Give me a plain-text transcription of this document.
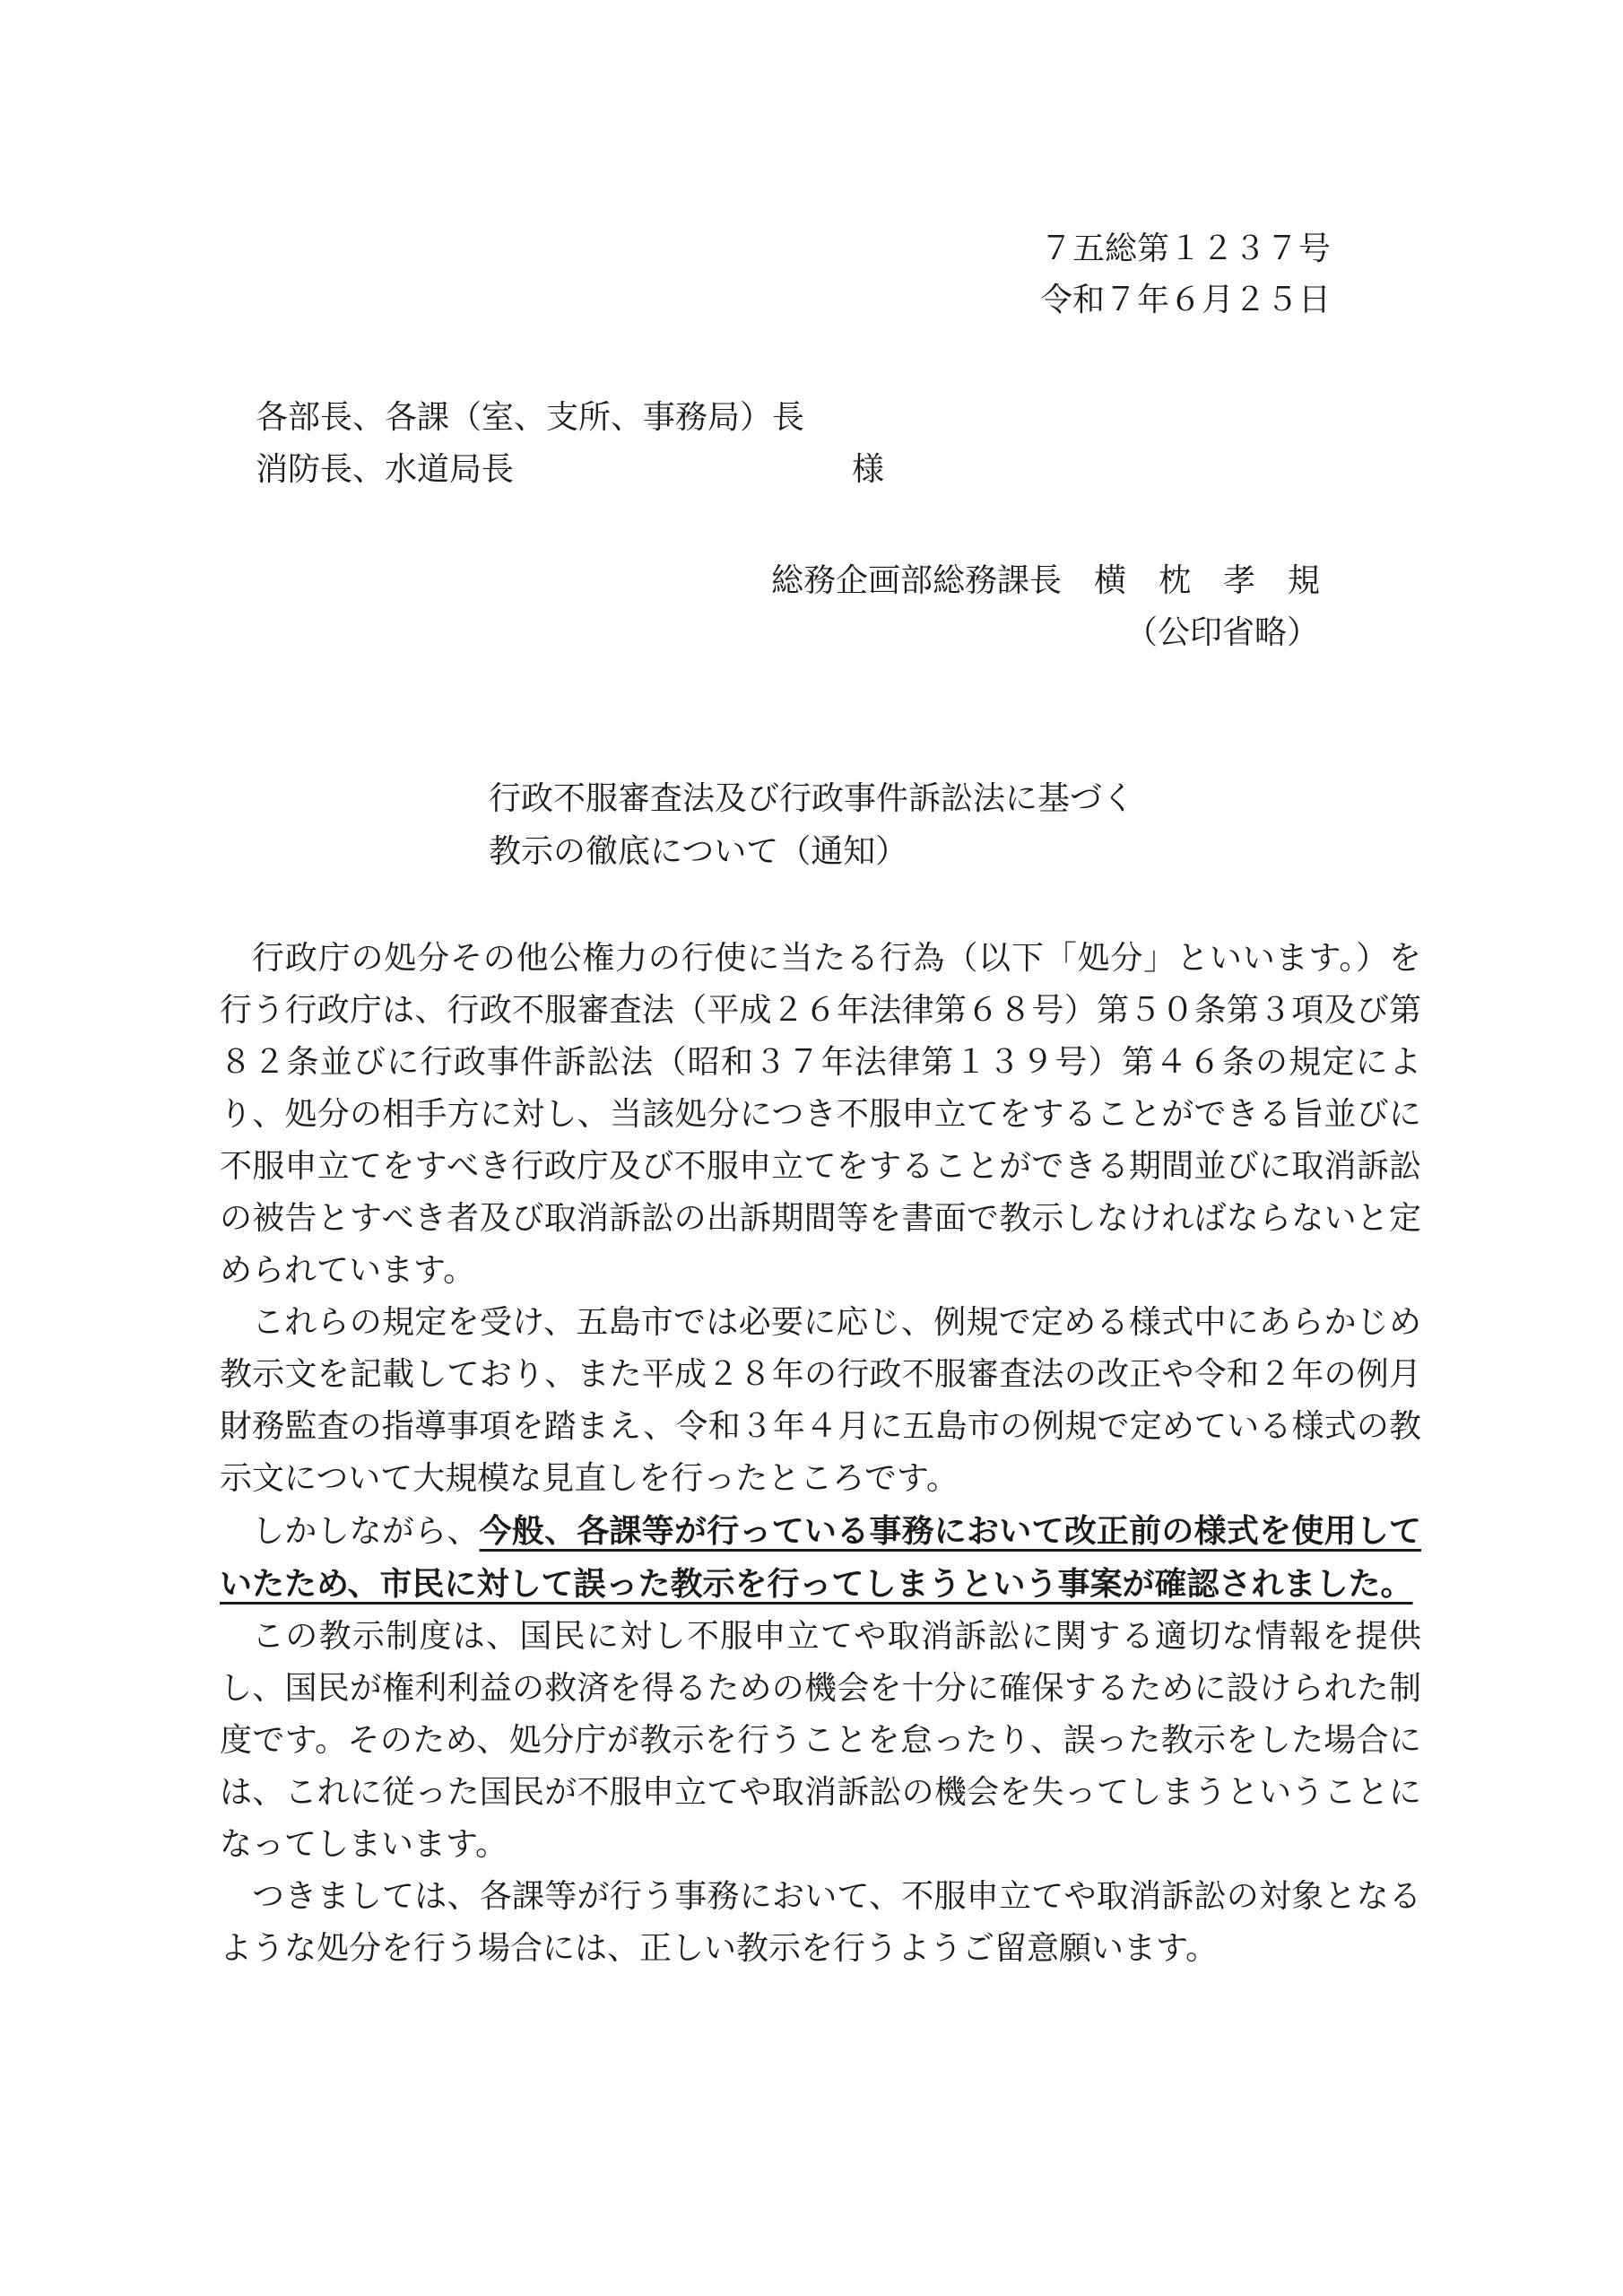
７五総第１２３７号
令和７年６月２５日
各部長、各課（室、支所、事務局）長
消防長、水道局長	様
総務企画部総務課長　横　枕　孝　規
（公印省略）
行政不服審査法及び行政事件訴訟法に基づく
教示の徹底について（通知）

行政庁の処分その他公権力の行使に当たる行為（以下「処分」といいます。）を行う行政庁は、行政不服審査法（平成２６年法律第６８号）第５０条第３項及び第８２条並びに行政事件訴訟法（昭和３７年法律第１３９号）第４６条の規定により、処分の相手方に対し、当該処分につき不服申立てをすることができる旨並びに不服申立てをすべき行政庁及び不服申立てをすることができる期間並びに取消訴訟の被告とすべき者及び取消訴訟の出訴期間等を書面で教示しなければならないと定められています。

これらの規定を受け、五島市では必要に応じ、例規で定める様式中にあらかじめ教示文を記載しており、また平成２８年の行政不服審査法の改正や令和２年の例月財務監査の指導事項を踏まえ、令和３年４月に五島市の例規で定めている様式の教示文について大規模な見直しを行ったところです。

しかしながら、今般、各課等が行っている事務において改正前の様式を使用していたため、市民に対して誤った教示を行ってしまうという事案が確認されました。

この教示制度は、国民に対し不服申立てや取消訴訟に関する適切な情報を提供し、国民が権利利益の救済を得るための機会を十分に確保するために設けられた制度です。そのため、処分庁が教示を行うことを怠ったり、誤った教示をした場合には、これに従った国民が不服申立てや取消訴訟の機会を失ってしまうということになってしまいます。

つきましては、各課等が行う事務において、不服申立てや取消訴訟の対象となるような処分を行う場合には、正しい教示を行うようご留意願います。
